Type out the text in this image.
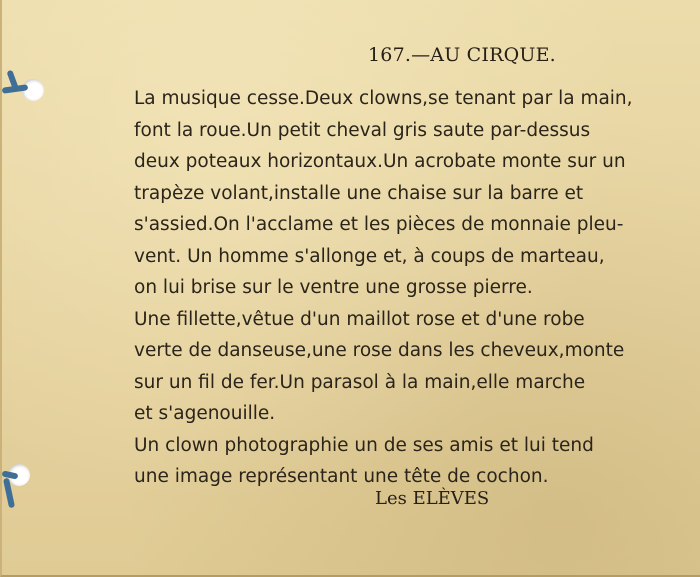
167.—AU CIRQUE.
La musique cesse.Deux clowns,se tenant par la main,
font la roue.Un petit cheval gris saute par-dessus
deux poteaux horizontaux.Un acrobate monte sur un
trapèze volant,installe une chaise sur la barre et
s'assied.On l'acclame et les pièces de monnaie pleu-
vent. Un homme s'allonge et, à coups de marteau,
on lui brise sur le ventre une grosse pierre.
Une fillette,vêtue d'un maillot rose et d'une robe
verte de danseuse,une rose dans les cheveux,monte
sur un fil de fer.Un parasol à la main,elle marche
et s'agenouille.
Un clown photographie un de ses amis et lui tend
une image représentant une tête de cochon.
Les ELÈVES
